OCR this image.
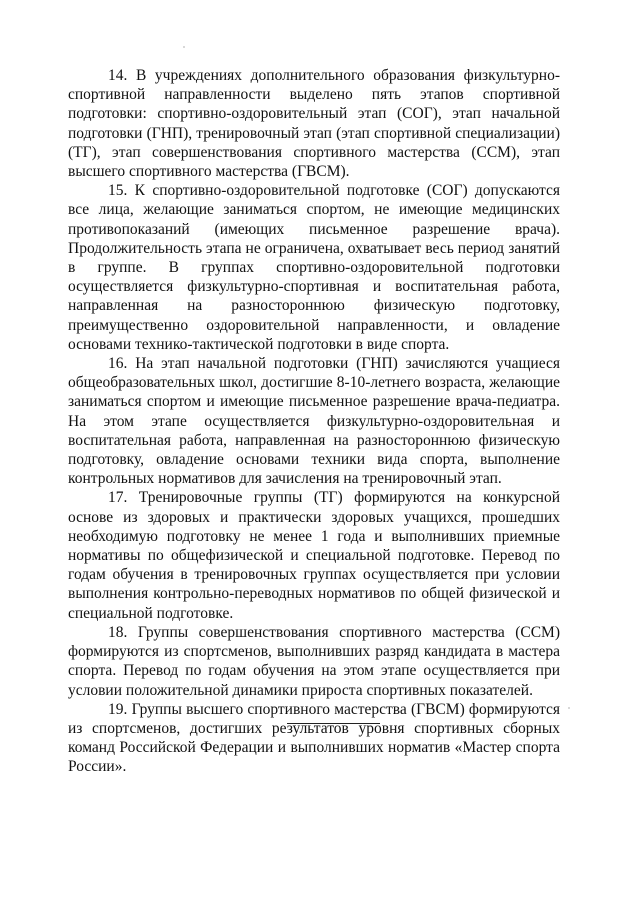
14. В учреждениях дополнительного образования физкультурно-спортивной направленности выделено пять этапов спортивной подготовки: спортивно-оздоровительный этап (СОГ), этап начальной подготовки (ГНП), тренировочный этап (этап спортивной специализации) (ТГ), этап совершенствования спортивного мастерства (ССМ), этап высшего спортивного мастерства (ГВСМ).

15. К спортивно-оздоровительной подготовке (СОГ) допускаются все лица, желающие заниматься спортом, не имеющие медицинских противопоказаний (имеющих письменное разрешение врача). Продолжительность этапа не ограничена, охватывает весь период занятий в группе. В группах спортивно-оздоровительной подготовки осуществляется физкультурно-спортивная и воспитательная работа, направленная на разностороннюю физическую подготовку, преимущественно оздоровительной направленности, и овладение основами технико-тактической подготовки в виде спорта.

16. На этап начальной подготовки (ГНП) зачисляются учащиеся общеобразовательных школ, достигшие 8-10-летнего возраста, желающие заниматься спортом и имеющие письменное разрешение врача-педиатра. На этом этапе осуществляется физкультурно-оздоровительная и воспитательная работа, направленная на разностороннюю физическую подготовку, овладение основами техники вида спорта, выполнение контрольных нормативов для зачисления на тренировочный этап.

17. Тренировочные группы (ТГ) формируются на конкурсной основе из здоровых и практически здоровых учащихся, прошедших необходимую подготовку не менее 1 года и выполнивших приемные нормативы по общефизической и специальной подготовке. Перевод по годам обучения в тренировочных группах осуществляется при условии выполнения контрольно-переводных нормативов по общей физической и специальной подготовке.

18. Группы совершенствования спортивного мастерства (ССМ) формируются из спортсменов, выполнивших разряд кандидата в мастера спорта. Перевод по годам обучения на этом этапе осуществляется при условии положительной динамики прироста спортивных показателей.

19. Группы высшего спортивного мастерства (ГВСМ) формируются из спортсменов, достигших результатов уровня спортивных сборных команд Российской Федерации и выполнивших норматив «Мастер спорта России».
